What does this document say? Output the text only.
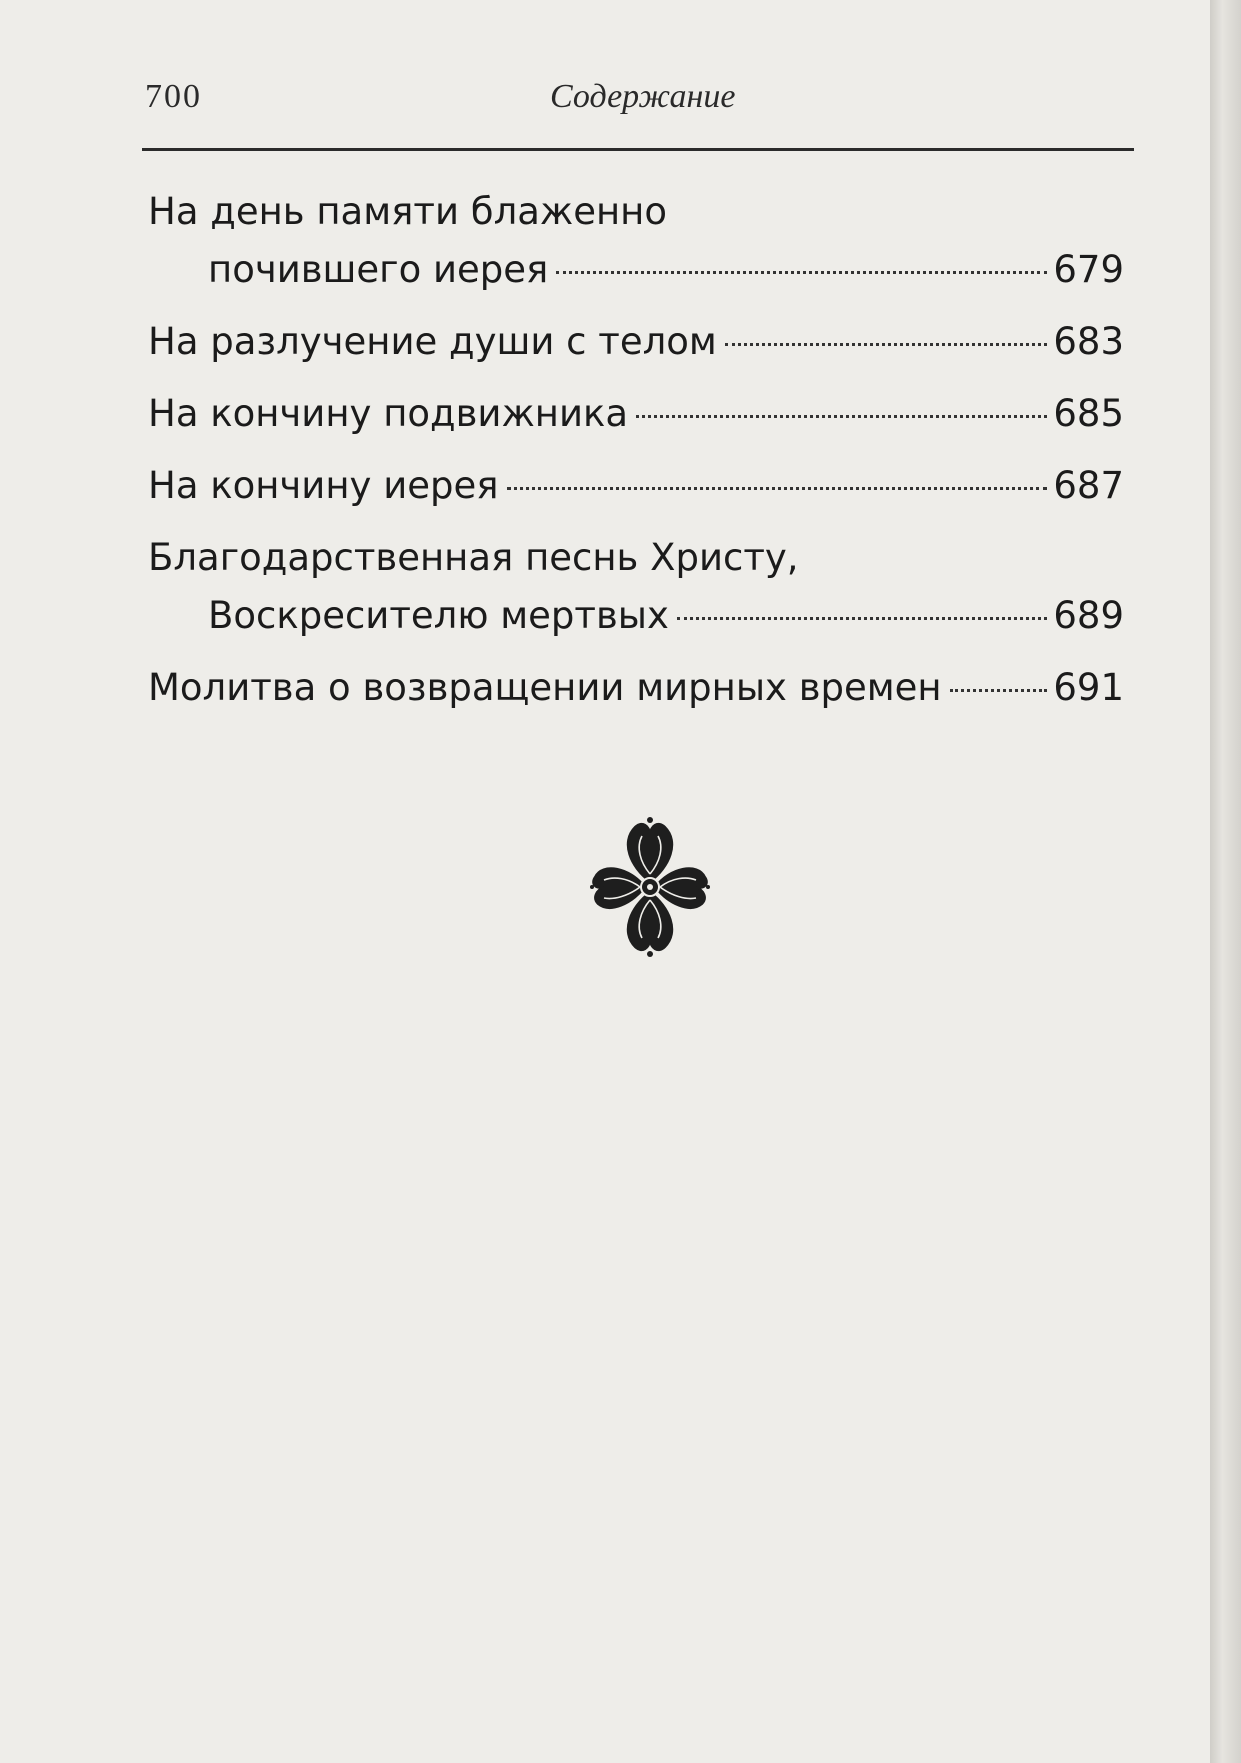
700	Содержание
На день памяти блаженно
почившего иерея	679
На разлучение души с телом	683
На кончину подвижника	685
На кончину иерея	687
Благодарственная песнь Христу,
Воскресителю мертвых	689
Молитва о возвращении мирных времен	691
